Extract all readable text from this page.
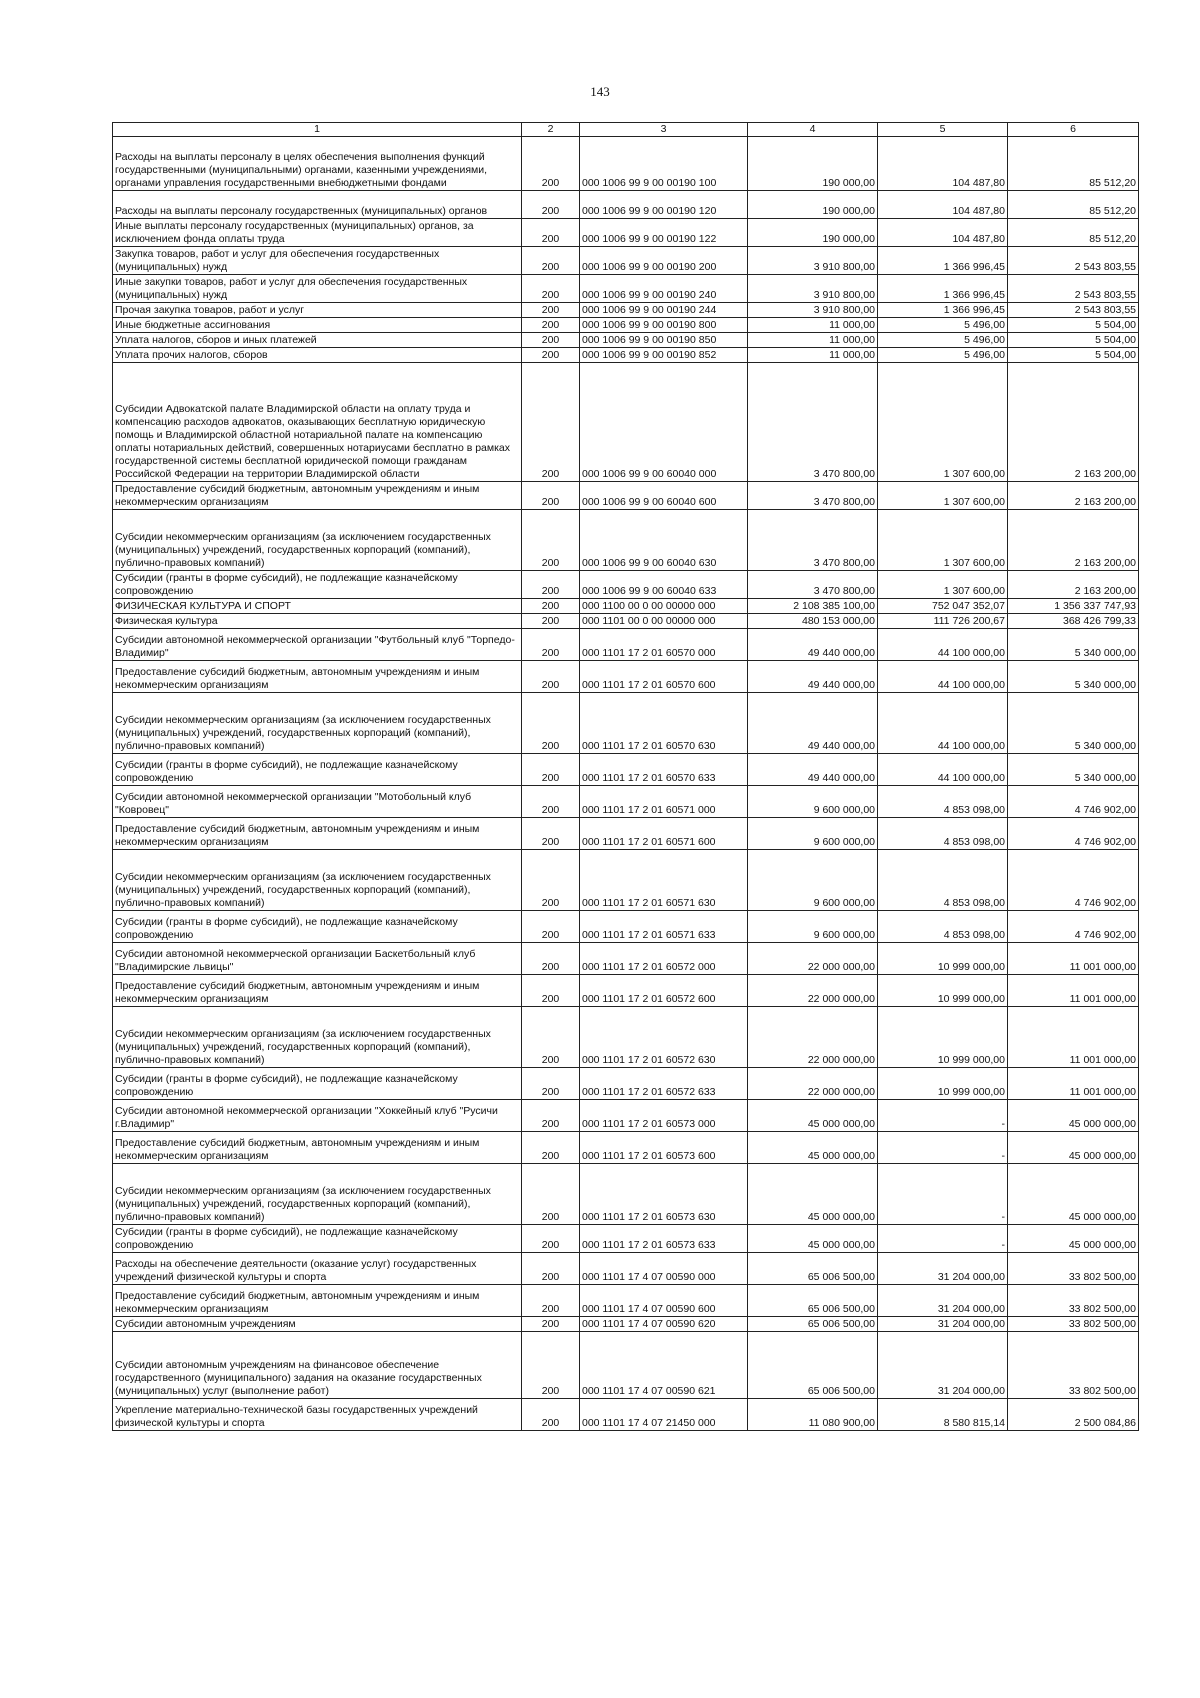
143
1	2	3	4	5	6

Расходы на выплаты персоналу в целях обеспечения выполнения функций государственными (муниципальными) органами, казенными учреждениями, органами управления государственными внебюджетными фондами	200	000 1006 99 9 00 00190 100	190 000,00	104 487,80	85 512,20

Расходы на выплаты персоналу государственных (муниципальных) органов	200	000 1006 99 9 00 00190 120	190 000,00	104 487,80	85 512,20

Иные выплаты персоналу государственных (муниципальных) органов, за исключением фонда оплаты труда	200	000 1006 99 9 00 00190 122	190 000,00	104 487,80	85 512,20

Закупка товаров, работ и услуг для обеспечения государственных (муниципальных) нужд	200	000 1006 99 9 00 00190 200	3 910 800,00	1 366 996,45	2 543 803,55

Иные закупки товаров, работ и услуг для обеспечения государственных (муниципальных) нужд	200	000 1006 99 9 00 00190 240	3 910 800,00	1 366 996,45	2 543 803,55

Прочая закупка товаров, работ и услуг	200	000 1006 99 9 00 00190 244	3 910 800,00	1 366 996,45	2 543 803,55

Иные бюджетные ассигнования	200	000 1006 99 9 00 00190 800	11 000,00	5 496,00	5 504,00

Уплата налогов, сборов и иных платежей	200	000 1006 99 9 00 00190 850	11 000,00	5 496,00	5 504,00

Уплата прочих налогов, сборов	200	000 1006 99 9 00 00190 852	11 000,00	5 496,00	5 504,00

Субсидии Адвокатской палате Владимирской области на оплату труда и компенсацию расходов адвокатов, оказывающих бесплатную юридическую помощь и Владимирской областной нотариальной палате на компенсацию оплаты нотариальных действий, совершенных нотариусами бесплатно в рамках государственной системы бесплатной юридической помощи гражданам Российской Федерации на территории Владимирской области	200	000 1006 99 9 00 60040 000	3 470 800,00	1 307 600,00	2 163 200,00

Предоставление субсидий бюджетным, автономным учреждениям и иным некоммерческим организациям	200	000 1006 99 9 00 60040 600	3 470 800,00	1 307 600,00	2 163 200,00

Субсидии некоммерческим организациям (за исключением государственных (муниципальных) учреждений, государственных корпораций (компаний), публично-правовых компаний)	200	000 1006 99 9 00 60040 630	3 470 800,00	1 307 600,00	2 163 200,00

Субсидии (гранты в форме субсидий), не подлежащие казначейскому сопровождению	200	000 1006 99 9 00 60040 633	3 470 800,00	1 307 600,00	2 163 200,00

ФИЗИЧЕСКАЯ КУЛЬТУРА И СПОРТ	200	000 1100 00 0 00 00000 000	2 108 385 100,00	752 047 352,07	1 356 337 747,93

Физическая культура	200	000 1101 00 0 00 00000 000	480 153 000,00	111 726 200,67	368 426 799,33

Субсидии автономной некоммерческой организации "Футбольный клуб "Торпедо-Владимир"	200	000 1101 17 2 01 60570 000	49 440 000,00	44 100 000,00	5 340 000,00

Предоставление субсидий бюджетным, автономным учреждениям и иным некоммерческим организациям	200	000 1101 17 2 01 60570 600	49 440 000,00	44 100 000,00	5 340 000,00

Субсидии некоммерческим организациям (за исключением государственных (муниципальных) учреждений, государственных корпораций (компаний), публично-правовых компаний)	200	000 1101 17 2 01 60570 630	49 440 000,00	44 100 000,00	5 340 000,00

Субсидии (гранты в форме субсидий), не подлежащие казначейскому сопровождению	200	000 1101 17 2 01 60570 633	49 440 000,00	44 100 000,00	5 340 000,00

Субсидии автономной некоммерческой организации "Мотобольный клуб "Ковровец"	200	000 1101 17 2 01 60571 000	9 600 000,00	4 853 098,00	4 746 902,00

Предоставление субсидий бюджетным, автономным учреждениям и иным некоммерческим организациям	200	000 1101 17 2 01 60571 600	9 600 000,00	4 853 098,00	4 746 902,00

Субсидии некоммерческим организациям (за исключением государственных (муниципальных) учреждений, государственных корпораций (компаний), публично-правовых компаний)	200	000 1101 17 2 01 60571 630	9 600 000,00	4 853 098,00	4 746 902,00

Субсидии (гранты в форме субсидий), не подлежащие казначейскому сопровождению	200	000 1101 17 2 01 60571 633	9 600 000,00	4 853 098,00	4 746 902,00

Субсидии автономной некоммерческой организации Баскетбольный клуб "Владимирские львицы"	200	000 1101 17 2 01 60572 000	22 000 000,00	10 999 000,00	11 001 000,00

Предоставление субсидий бюджетным, автономным учреждениям и иным некоммерческим организациям	200	000 1101 17 2 01 60572 600	22 000 000,00	10 999 000,00	11 001 000,00

Субсидии некоммерческим организациям (за исключением государственных (муниципальных) учреждений, государственных корпораций (компаний), публично-правовых компаний)	200	000 1101 17 2 01 60572 630	22 000 000,00	10 999 000,00	11 001 000,00

Субсидии (гранты в форме субсидий), не подлежащие казначейскому сопровождению	200	000 1101 17 2 01 60572 633	22 000 000,00	10 999 000,00	11 001 000,00

Субсидии автономной некоммерческой организации "Хоккейный клуб "Русичи г.Владимир"	200	000 1101 17 2 01 60573 000	45 000 000,00	-	45 000 000,00

Предоставление субсидий бюджетным, автономным учреждениям и иным некоммерческим организациям	200	000 1101 17 2 01 60573 600	45 000 000,00	-	45 000 000,00

Субсидии некоммерческим организациям (за исключением государственных (муниципальных) учреждений, государственных корпораций (компаний), публично-правовых компаний)	200	000 1101 17 2 01 60573 630	45 000 000,00	-	45 000 000,00

Субсидии (гранты в форме субсидий), не подлежащие казначейскому сопровождению	200	000 1101 17 2 01 60573 633	45 000 000,00	-	45 000 000,00

Расходы на обеспечение деятельности (оказание услуг) государственных учреждений физической культуры и спорта	200	000 1101 17 4 07 00590 000	65 006 500,00	31 204 000,00	33 802 500,00

Предоставление субсидий бюджетным, автономным учреждениям и иным некоммерческим организациям	200	000 1101 17 4 07 00590 600	65 006 500,00	31 204 000,00	33 802 500,00

Субсидии автономным учреждениям	200	000 1101 17 4 07 00590 620	65 006 500,00	31 204 000,00	33 802 500,00

Субсидии автономным учреждениям на финансовое обеспечение государственного (муниципального) задания на оказание государственных (муниципальных) услуг (выполнение работ)	200	000 1101 17 4 07 00590 621	65 006 500,00	31 204 000,00	33 802 500,00

Укрепление материально-технической базы государственных учреждений физической культуры и спорта	200	000 1101 17 4 07 21450 000	11 080 900,00	8 580 815,14	2 500 084,86
